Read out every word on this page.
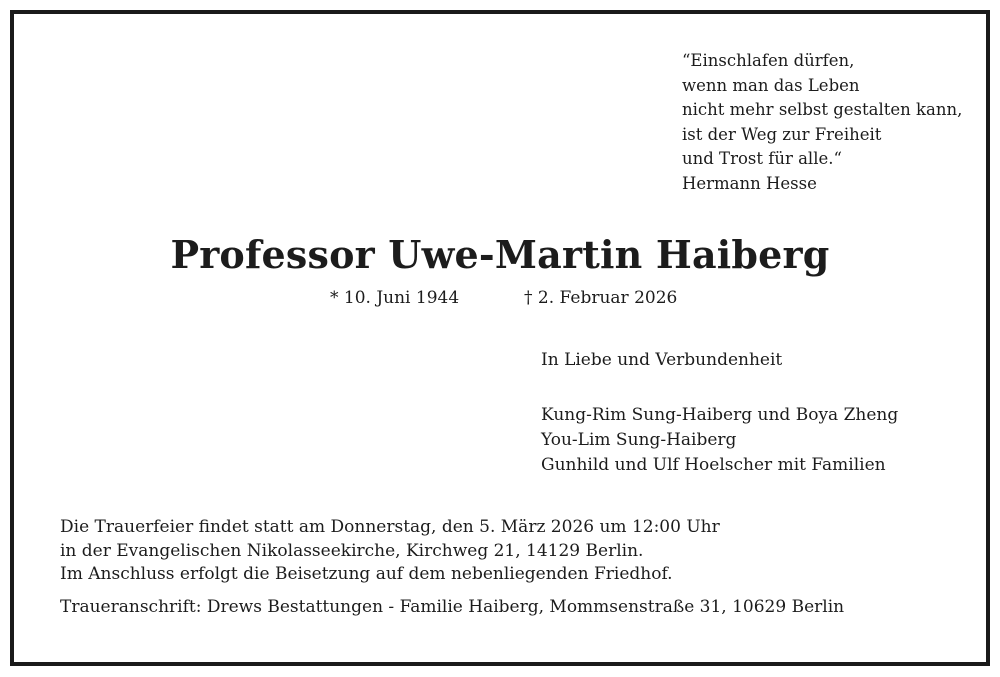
“Einschlafen dürfen,
wenn man das Leben
nicht mehr selbst gestalten kann,
ist der Weg zur Freiheit
und Trost für alle.“
Hermann Hesse
Professor Uwe-Martin Haiberg
* 10. Juni 1944	† 2. Februar 2026
In Liebe und Verbundenheit
Kung-Rim Sung-Haiberg und Boya Zheng
You-Lim Sung-Haiberg
Gunhild und Ulf Hoelscher mit Familien
Die Trauerfeier findet statt am Donnerstag, den 5. März 2026 um 12:00 Uhr
in der Evangelischen Nikolasseekirche, Kirchweg 21, 14129 Berlin.
Im Anschluss erfolgt die Beisetzung auf dem nebenliegenden Friedhof.
Traueranschrift: Drews Bestattungen - Familie Haiberg, Mommsenstraße 31, 10629 Berlin
